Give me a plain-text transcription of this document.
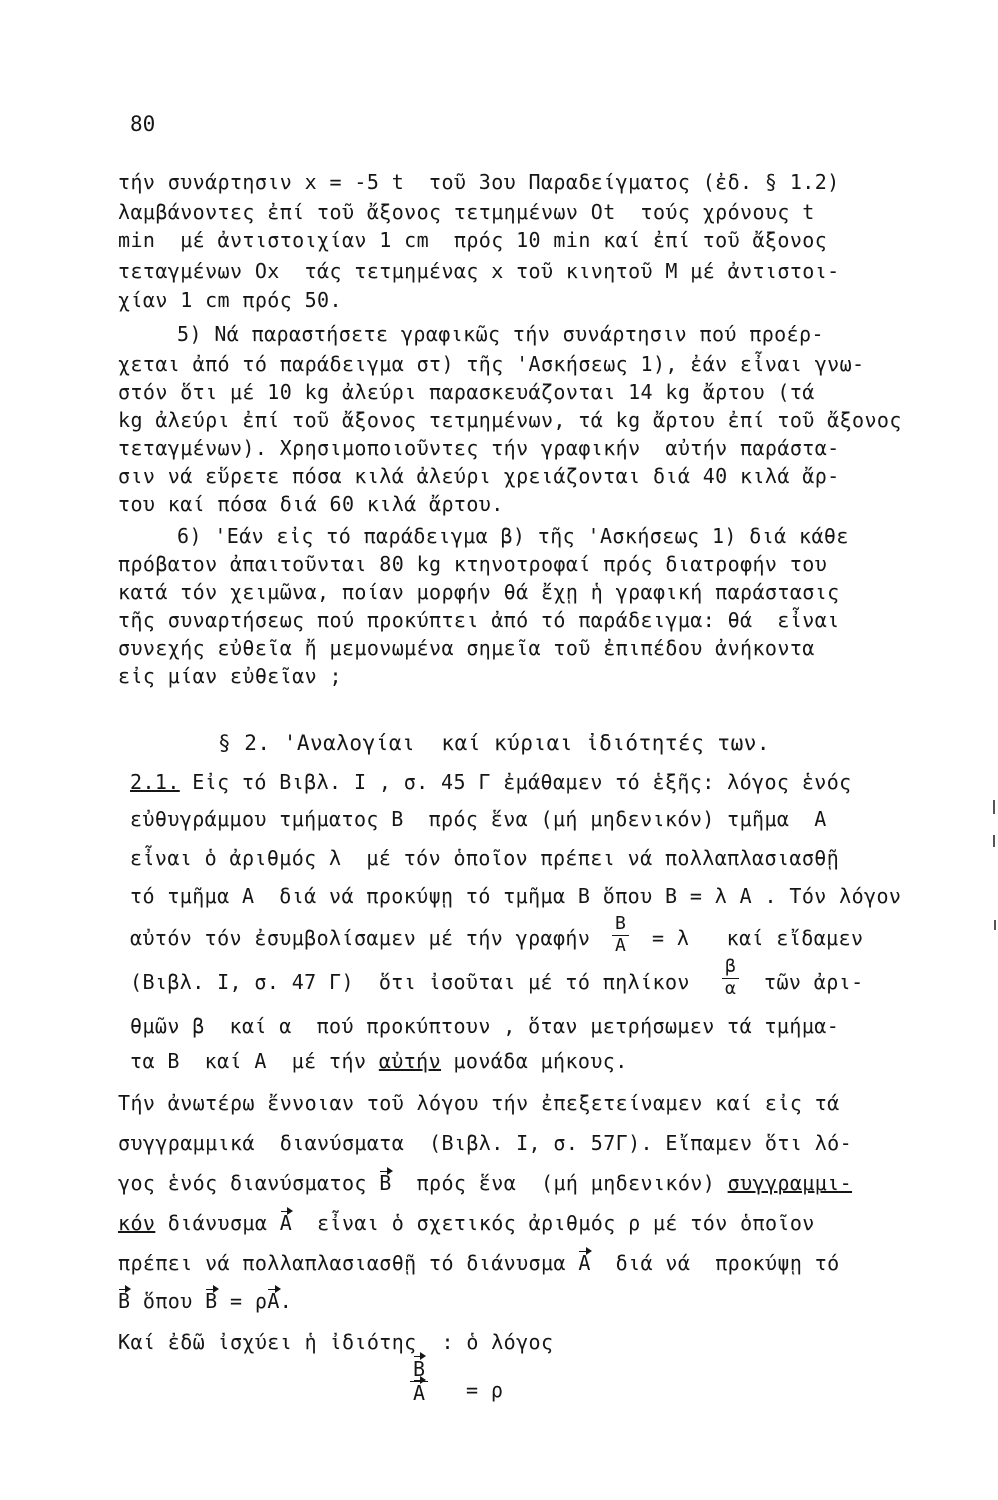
80
τήν συνάρτησιν x = -5 t  τοῦ 3ου Παραδείγματος (ἐδ. § 1.2)
λαμβάνοντες ἐπί τοῦ ἄξονος τετμημένων Ot  τούς χρόνους t
min  μέ ἀντιστοιχίαν 1 cm  πρός 10 min καί ἐπί τοῦ ἄξονος
τεταγμένων Ox  τάς τετμημένας x τοῦ κινητοῦ M μέ ἀντιστοι-
χίαν 1 cm πρός 50.
5) Νά παραστήσετε γραφικῶς τήν συνάρτησιν πού προέρ-
χεται ἀπό τό παράδειγμα στ) τῆς 'Ασκήσεως 1), ἐάν εἶναι γνω-
στόν ὅτι μέ 10 kg ἀλεύρι παρασκευάζονται 14 kg ἄρτου (τά
kg ἀλεύρι ἐπί τοῦ ἄξονος τετμημένων, τά kg ἄρτου ἐπί τοῦ ἄξονος
τεταγμένων). Χρησιμοποιοῦντες τήν γραφικήν  αὐτήν παράστα-
σιν νά εὕρετε πόσα κιλά ἀλεύρι χρειάζονται διά 40 κιλά ἄρ-
του καί πόσα διά 60 κιλά ἄρτου.
6) 'Εάν εἰς τό παράδειγμα β) τῆς 'Ασκήσεως 1) διά κάθε
πρόβατον ἀπαιτοῦνται 80 kg κτηνοτροφαί πρός διατροφήν του
κατά τόν χειμῶνα, ποίαν μορφήν θά ἔχῃ ἡ γραφική παράστασις
τῆς συναρτήσεως πού προκύπτει ἀπό τό παράδειγμα: θά  εἶναι
συνεχής εὐθεῖα ἤ μεμονωμένα σημεῖα τοῦ ἐπιπέδου ἀνήκοντα
εἰς μίαν εὐθεῖαν ;
§ 2. 'Αναλογίαι  καί κύριαι ἰδιότητές των.
2.1. Εἰς τό Βιβλ. Ι , σ. 45 Γ ἐμάθαμεν τό ἑξῆς: λόγος ἑνός
εὐθυγράμμου τμήματος Β  πρός ἕνα (μή μηδενικόν) τμῆμα  Α
εἶναι ὁ ἀριθμός λ  μέ τόν ὁποῖον πρέπει νά πολλαπλασιασθῇ
τό τμῆμα Α  διά νά προκύψῃ τό τμῆμα Β ὅπου Β = λ Α . Τόν λόγον
αὐτόν τόν ἐσυμβολίσαμεν μέ τήν γραφήν $\frac{B}{A} = \lambda$   καί εἴδαμεν
(Βιβλ. Ι, σ. 47 Γ)  ὅτι ἰσοῦται μέ τό πηλίκον $\frac{\beta}{\alpha}$ τῶν ἀρι-
θμῶν β  καί α  πού προκύπτουν , ὅταν μετρήσωμεν τά τμήμα-
τα Β  καί Α  μέ τήν αὐτήν μονάδα μήκους.
Τήν ἀνωτέρω ἔννοιαν τοῦ λόγου τήν ἐπεξετείναμεν καί εἰς τά
συγγραμμικά  διανύσματα  (Βιβλ. Ι, σ. 57Γ). Εἴπαμεν ὅτι λό-
γος ἑνός διανύσματος Β  πρός ἕνα  (μή μηδενικόν) συγγραμμι-
κόν διάνυσμα Α  εἶναι ὁ σχετικός ἀριθμός ρ μέ τόν ὁποῖον
πρέπει νά πολλαπλασιασθῇ τό διάνυσμα Α  διά νά  προκύψῃ τό
Β ὅπου Β = ρΑ.
Καί ἐδῶ ἰσχύει ἡ ἰδιότης  : ὁ λόγος
$\frac{B}{A} = \rho$
